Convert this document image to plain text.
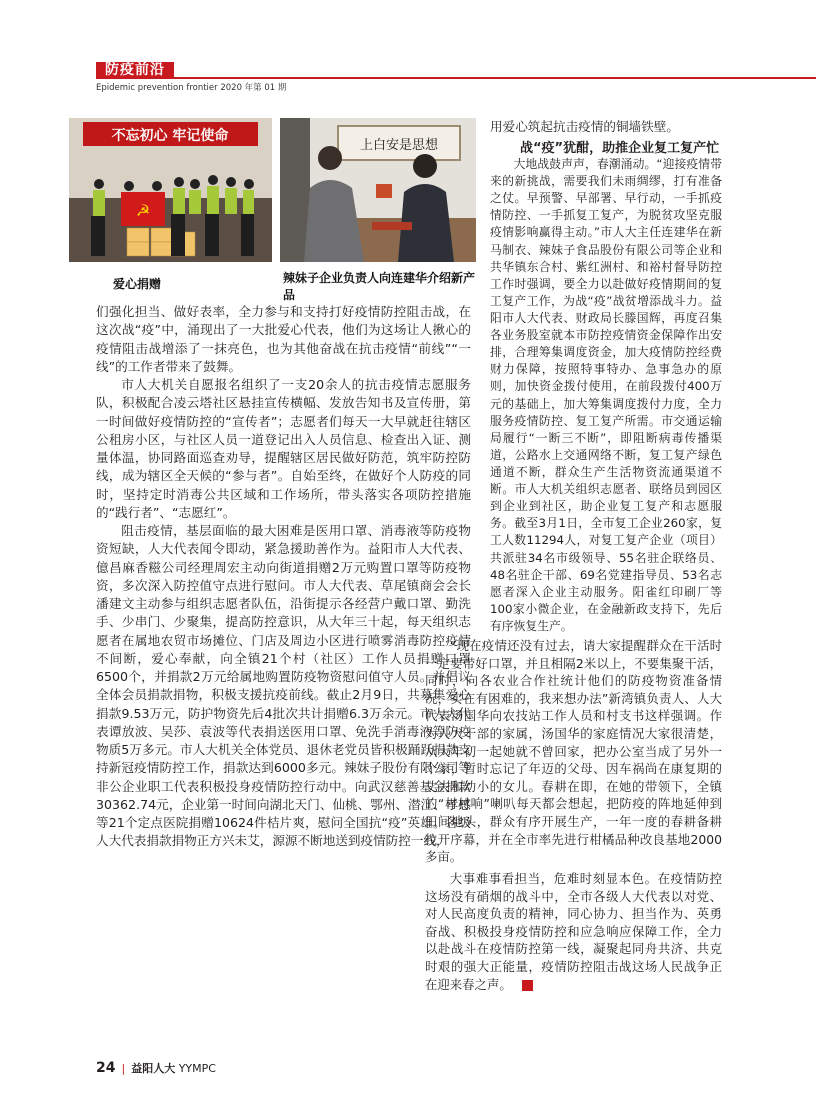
防疫前沿
Epidemic prevention frontier 2020 年第 01 期
不忘初心 牢记使命
☭
爱心捐赠
上白安是思想
辣妹子企业负责人向连建华介绍新产品

们强化担当、做好表率，全力参与和支持打好疫情防控阻击战，在这次战“疫”中，涌现出了一大批爱心代表，他们为这场让人揪心的疫情阻击战增添了一抹亮色，也为其他奋战在抗击疫情“前线”“一线”的工作者带来了鼓舞。

市人大机关自愿报名组织了一支20余人的抗击疫情志愿服务队，积极配合凌云塔社区悬挂宣传横幅、发放告知书及宣传册，第一时间做好疫情防控的“宣传者”；志愿者们每天一大早就赶往辖区公租房小区，与社区人员一道登记出入人员信息、检查出入证、测量体温，协同路面巡查劝导，提醒辖区居民做好防范，筑牢防控防线，成为辖区全天候的“参与者”。自始至终，在做好个人防疫的同时，坚持定时消毒公共区域和工作场所，带头落实各项防控措施的“践行者”、“志愿红”。

阻击疫情，基层面临的最大困难是医用口罩、消毒液等防疫物资短缺，人大代表闻令即动，紧急援助善作为。益阳市人大代表、億昌麻香糍公司经理周宏主动向街道捐赠2万元购置口罩等防疫物资，多次深入防控值守点进行慰问。市人大代表、草尾镇商会会长潘建文主动参与组织志愿者队伍，沿街提示各经营户戴口罩、勤洗手、少串门、少聚集，提高防控意识，从大年三十起，每天组织志愿者在属地农贸市场摊位、门店及周边小区进行喷雾消毒防控疫情不间断，爱心奉献，向全镇21个村（社区）工作人员捐赠口罩6500个，并捐款2万元给属地购置防疫物资慰问值守人员。并倡议全体会员捐款捐物，积极支援抗疫前线。截止2月9日，共募集爱心捐款9.53万元，防护物资先后4批次共计捐赠6.3万余元。市人大代表谭放波、吴莎、袁波等代表捐送医用口罩、免洗手消毒液等防疫物质5万多元。市人大机关全体党员、退休老党员皆积极踊跃捐款支持新冠疫情防控工作，捐款达到6000多元。辣妹子股份有限公司等非公企业职工代表积极投身疫情防控行动中。向武汉慈善基金捐款30362.74元，企业第一时间向湖北天门、仙桃、鄂州、潜江、孝感等21个定点医院捐赠10624件桔片爽，慰问全国抗“疫”英雄。各级人大代表捐款捐物正方兴未艾，源源不断地送到疫情防控一线，

用爱心筑起抗击疫情的铜墙铁壁。

战“疫”犹酣，助推企业复工复产忙

大地战鼓声声，春潮涌动。“迎接疫情带来的新挑战，需要我们未雨绸缪，打有准备之仗。早预警、早部署、早行动，一手抓疫情防控、一手抓复工复产，为脱贫攻坚克服疫情影响赢得主动。”市人大主任连建华在新马制衣、辣妹子食品股份有限公司等企业和共华镇东合村、紫红洲村、和裕村督导防控工作时强调，要全力以赴做好疫情期间的复工复产工作，为战“疫”战贫增添战斗力。益阳市人大代表、财政局长滕国辉，再度召集各业务股室就本市防控疫情资金保障作出安排，合理筹集调度资金，加大疫情防控经费财力保障，按照特事特办、急事急办的原则，加快资金拨付使用，在前段拨付400万元的基础上，加大筹集调度拨付力度，全力服务疫情防控、复工复产所需。市交通运输局履行“一断三不断”，即阻断病毒传播渠道，公路水上交通网络不断，复工复产绿色通道不断，群众生产生活物资流通渠道不断。市人大机关组织志愿者、联络员到园区到企业到社区，助企业复工复产和志愿服务。截至3月1日，全市复工企业260家，复工人数11294人，对复工复产企业（项目）共派驻34名市级领导、55名驻企联络员、48名驻企干部、69名党建指导员、53名志愿者深入企业主动服务。阳雀红印刷厂等100家小微企业，在金融新政支持下，先后有序恢复生产。

“现在疫情还没有过去，请大家提醒群众在干活时一定要带好口罩，并且相隔2米以上，不要集聚干活，同时，向各农业合作社统计他们的防疫物资准备情况，实在有困难的，我来想办法”新湾镇负责人、人大代表汤国华向农技站工作人员和村支书这样强调。作为人大干部的家属，汤国华的家庭情况大家很清楚，从大年初一起她就不曾回家，把办公室当成了另外一个家，暂时忘记了年迈的父母、因车祸尚在康复期的丈夫和幼小的女儿。春耕在即，在她的带领下，全镇的“村村响”喇叭每天都会想起，把防疫的阵地延伸到田间地头，群众有序开展生产，一年一度的春耕备耕拉开序幕，并在全市率先进行柑橘品种改良基地2000多亩。

大事难事看担当，危难时刻显本色。在疫情防控这场没有硝烟的战斗中，全市各级人大代表以对党、对人民高度负责的精神，同心协力、担当作为、英勇奋战、积极投身疫情防控和应急响应保障工作，全力以赴战斗在疫情防控第一线，凝聚起同舟共济、共克时艰的强大正能量，疫情防控阻击战这场人民战争正在迎来春之声。

24 | 益阳人大 YYMPC
